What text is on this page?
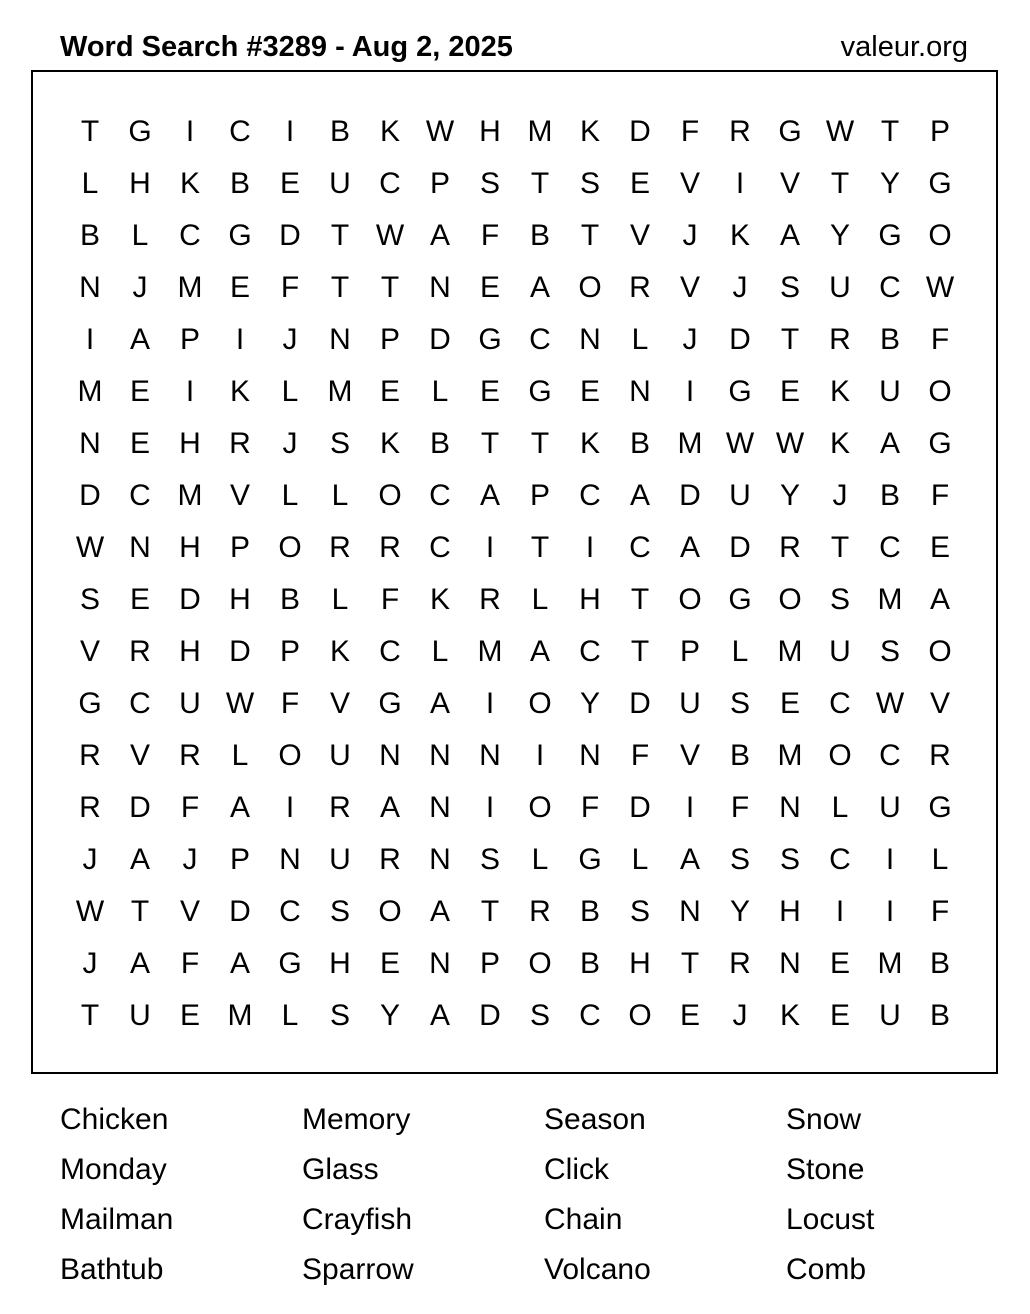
Word Search #3289 - Aug 2, 2025	valeur.org
T G	I	C	I	B K W H M K D	F	R G W T	P
L	H K B E U C P S	T	S E V	I	V	T	Y G
B	L	C G D	T W A	F	B	T	V	J	K A Y G O
N	J	M E	F	T	T	N E A O R V	J	S U C W
I	A P	I	J	N P D G C N	L	J	D	T	R B	F
M E	I	K	L M E	L	E G E N	I	G E K U O
N E H R	J	S K B	T	T	K B M W W K A G
D C M V	L	L O C A P C A D U Y	J	B	F
W N H P O R R C	I	T	I	C A D R	T	C E
S E D H B	L	F	K R	L	H	T O G O S M A
V R H D P K C	L M A C	T	P	L M U S O
G C U W F	V G A	I	O Y D U S E C W V
R V R	L O U N N N	I	N	F	V B M O C R
R D	F	A	I	R A N	I	O F	D	I	F	N	L	U G
J	A	J	P N U R N S	L G L	A S S C	I	L
W T	V D C S O A	T	R B S N Y H	I	I	F
J	A	F	A G H E N P O B H	T	R N E M B
T	U E M L	S Y A D S C O E	J	K E U B
Chicken	Memory	Season	Snow
Monday	Glass	Click	Stone
Mailman	Crayfish	Chain	Locust
Bathtub	Sparrow	Volcano	Comb
